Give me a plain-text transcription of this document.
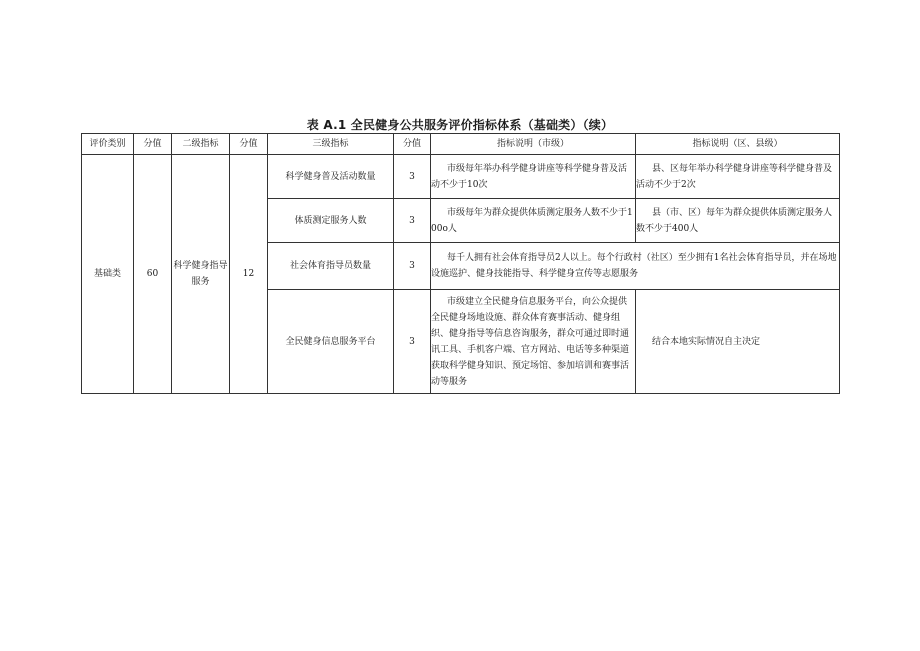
表 A.1 全民健身公共服务评价指标体系（基础类）（续）
评价类别	分值	二级指标	分值	三级指标	分值	指标说明（市级）	指标说明（区、县级）
基础类	60	科学健身指导服务	12	科学健身普及活动数量	3	市级每年举办科学健身讲座等科学健身普及活动不少于10次	县、区每年举办科学健身讲座等科学健身普及活动不少于2次
				体质测定服务人数	3	市级每年为群众提供体质测定服务人数不少于100o人	县（市、区）每年为群众提供体质测定服务人数不少于400人
				社会体育指导员数量	3	每千人拥有社会体育指导员2人以上。每个行政村（社区）至少拥有1名社会体育指导员，并在场地设施巡护、健身技能指导、科学健身宣传等志愿服务	
				全民健身信息服务平台	3	市级建立全民健身信息服务平台，向公众提供全民健身场地设施、群众体育赛事活动、健身组织、健身指导等信息咨询服务，群众可通过即时通讯工具、手机客户端、官方网站、电话等多种渠道获取科学健身知识、预定场馆、参加培训和赛事活动等服务	结合本地实际情况自主决定
